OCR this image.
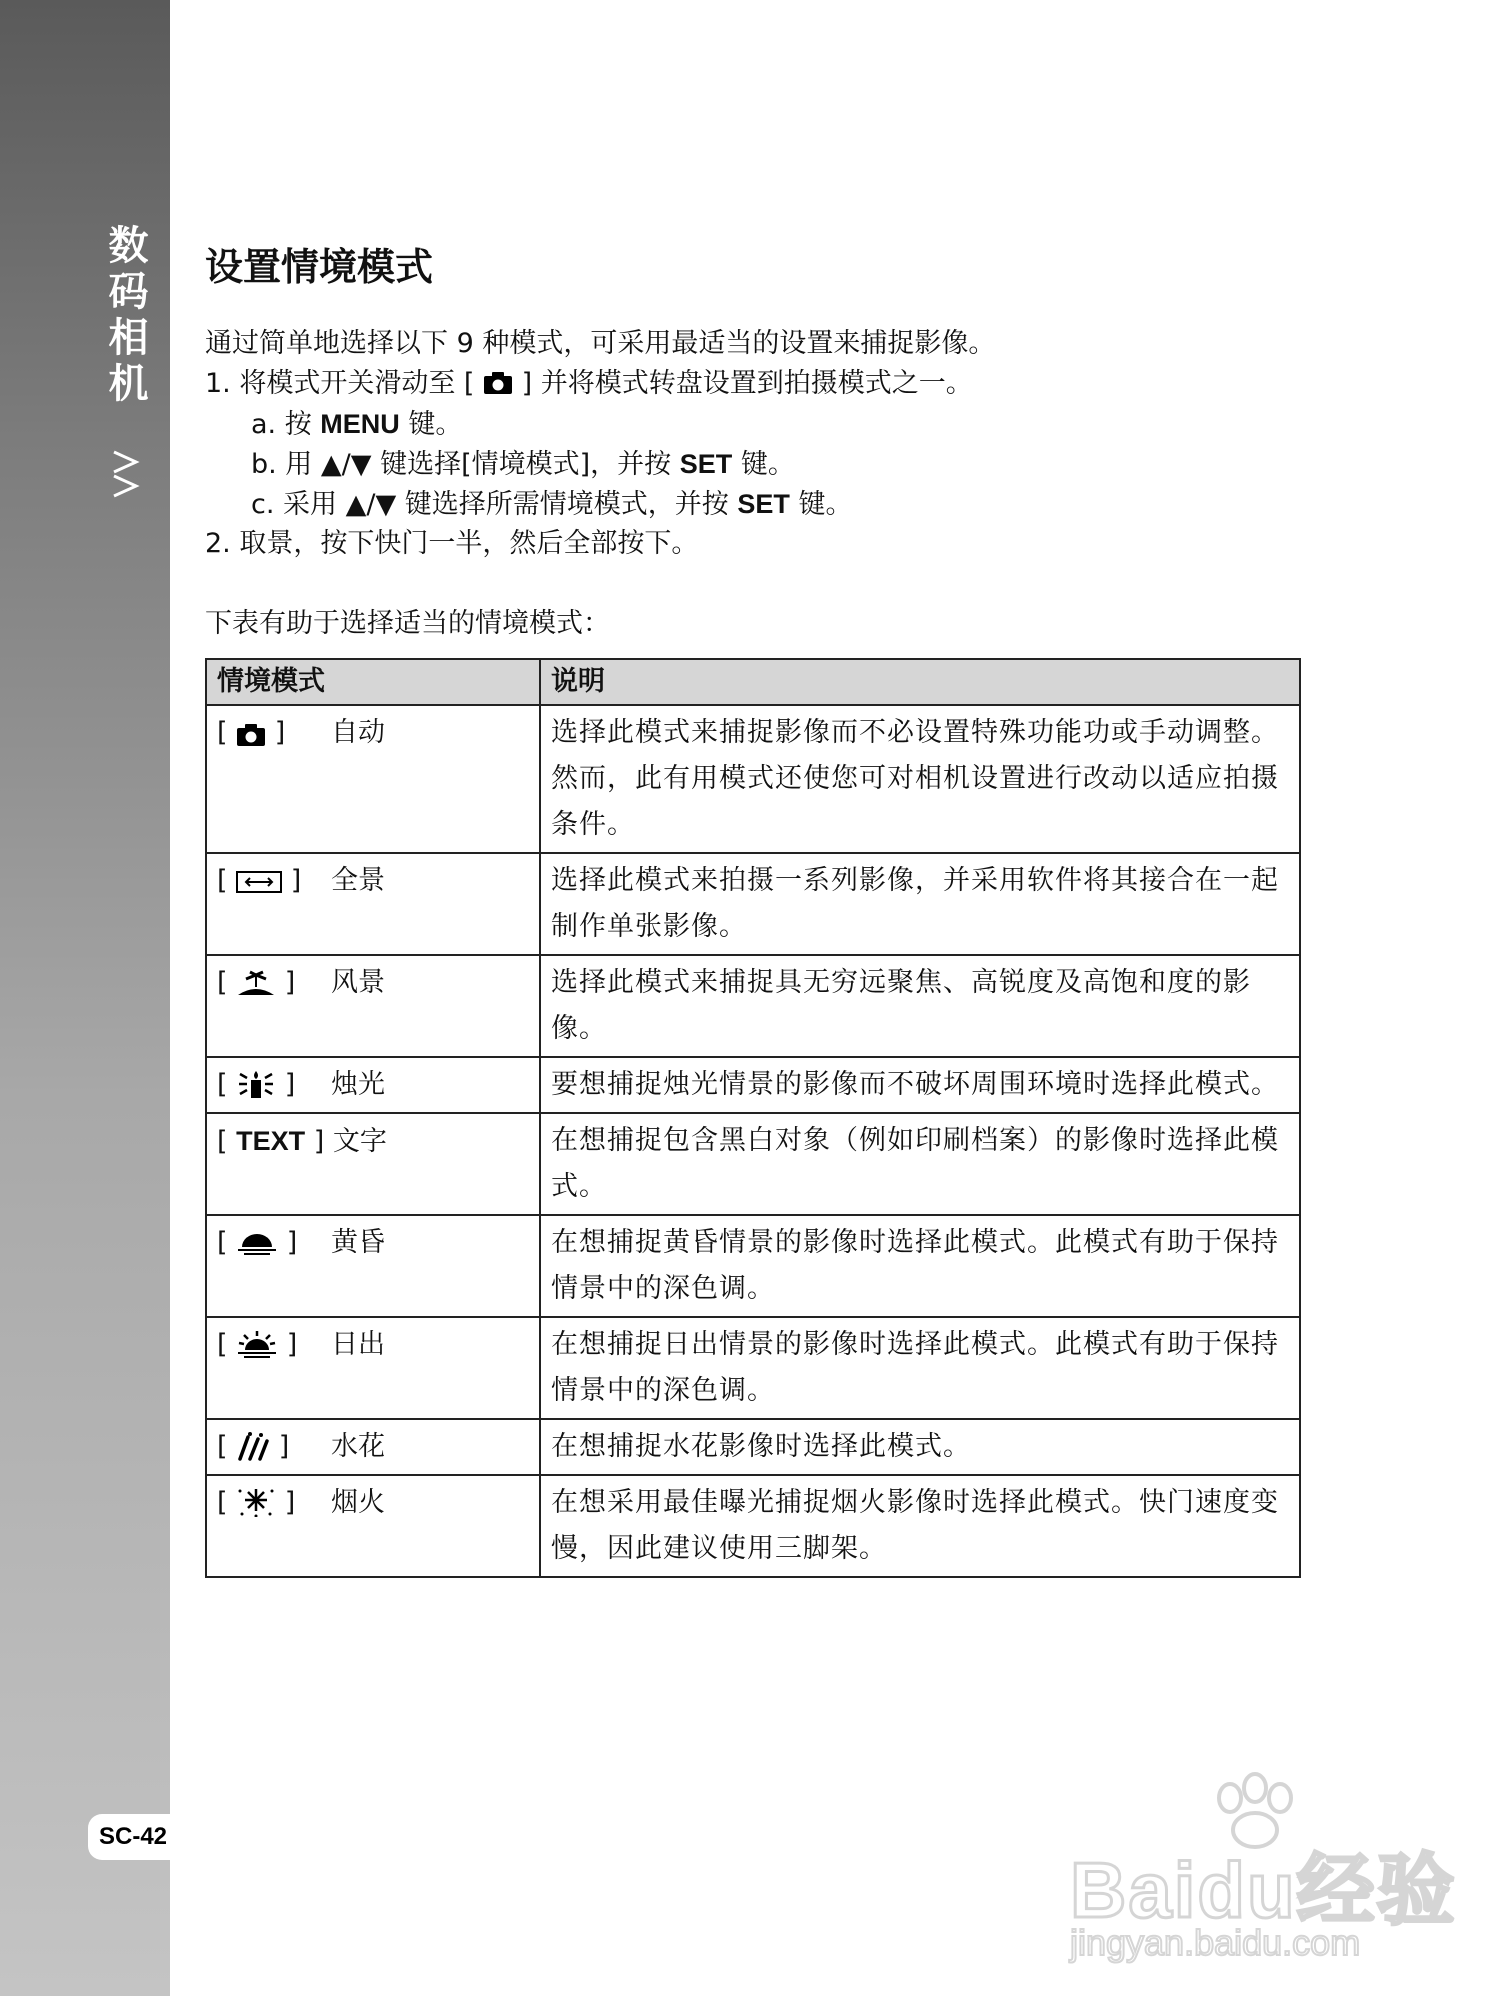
数码相机
SC-42
设置情境模式
通过简单地选择以下 9 种模式，可采用最适当的设置来捕捉影像。
1. 将模式开关滑动至 [  ] 并将模式转盘设置到拍摄模式之一。
a. 按 MENU 键。
b. 用 ▲/▼ 键选择[情境模式]，并按 SET 键。
c. 采用 ▲/▼ 键选择所需情境模式，并按 SET 键。
2. 取景，按下快门一半，然后全部按下。
下表有助于选择适当的情境模式：
情境模式	说明
[  ] 自动	选择此模式来捕捉影像而不必设置特殊功能功或手动调整。
然而，此有用模式还使您可对相机设置进行改动以适应拍摄条件。

[  ] 全景	选择此模式来拍摄一系列影像，并采用软件将其接合在一起制作单张影像。

[  ] 风景	选择此模式来捕捉具无穷远聚焦、高锐度及高饱和度的影像。

[  ] 烛光	要想捕捉烛光情景的影像而不破坏周围环境时选择此模式。

[ TEXT ] 文字	在想捕捉包含黑白对象（例如印刷档案）的影像时选择此模式。

[  ] 黄昏	在想捕捉黄昏情景的影像时选择此模式。此模式有助于保持情景中的深色调。

[  ] 日出	在想捕捉日出情景的影像时选择此模式。此模式有助于保持情景中的深色调。

[  ] 水花	在想捕捉水花影像时选择此模式。

[  ] 烟火	在想采用最佳曝光捕捉烟火影像时选择此模式。快门速度变慢，因此建议使用三脚架。
Baidu经验
jingyan.baidu.com
